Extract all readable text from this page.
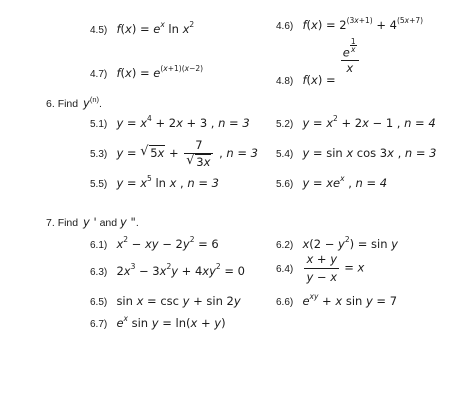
4.5) $f(x) = e^x$ $\ln x^2$	4.6) $f(x) = 2^{(3x+1)} + 4^{(5x+7)}$
4.7) $f(x) = e^{(x+1)(x-2)}$
4.8) f(x) =
e $^{\frac{1}{x}}$
x
6. Find $y^{(n)}$.
5.1) $y = x^4 + 2x + 3$ , n = 3	5.2) $y = x^2 + 2x - 1$ , n = 4
5.3) y = √ 5x + 7
√ 3x , n = 3 5.4) y = sin x cos 3x , n = 3
5.5) $y = x^5$ ln x , n = 3	5.6) $y = xe^x$ , n = 4
7. Find y ' and y ".
6.1) $x^2$ − xy − $2y^2 = 6$	6.2) $x(2 - y^2) = \sin y$
6.3) $2x^3 - 3x^2y + 4xy^2 = 0$	$6.4) \frac{x + y}{y - x} = x$
6.5) sin x = csc y + sin 2y	6.6) $e^{xy} + x$ sin y = 7
6.7) $e^x$ sin y = ln(x + y)
